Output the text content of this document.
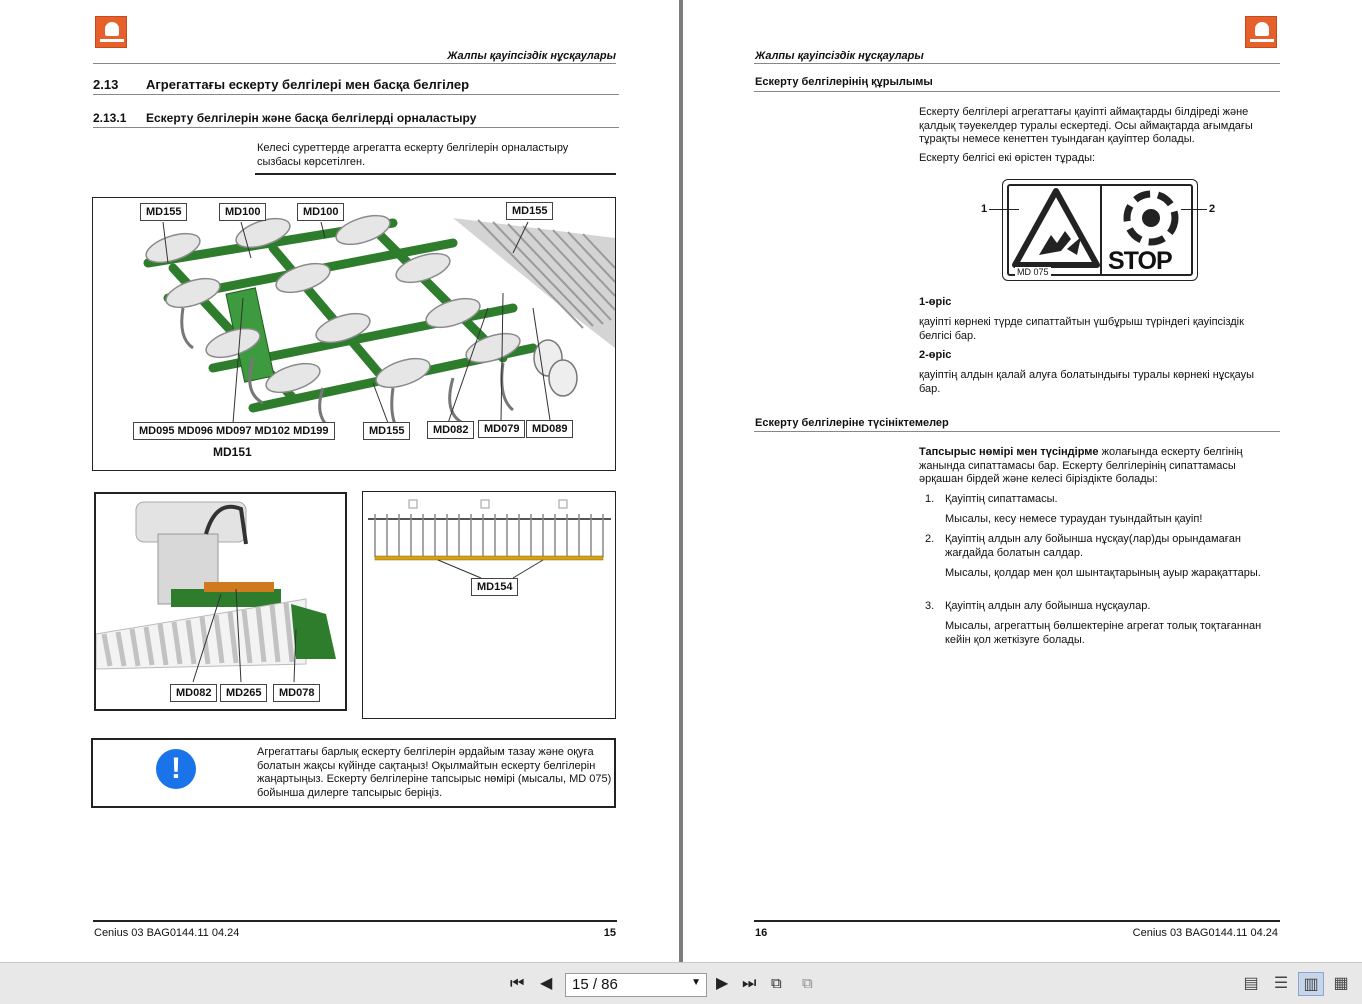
Жалпы қауіпсіздік нұсқаулары
2.13 Агрегаттағы ескерту белгілері мен басқа белгілер
2.13.1 Ескерту белгілерін және басқа белгілерді орналастыру
Келесі суреттерде агрегатта ескерту белгілерін орналастыру сызбасы көрсетілген.
MD155	MD100	MD100	MD155
MD095 MD096 MD097 MD102 MD199
MD151
MD155	MD082	MD079	MD089
MD082	MD265	MD078
MD154
!	Агрегаттағы барлық ескерту белгілерін әрдайым тазау және оқуға болатын жақсы күйінде сақтаңыз! Оқылмайтын ескерту белгілерін жаңартыңыз. Ескерту белгілеріне тапсырыс нөмірі (мысалы, MD 075) бойынша дилерге тапсырыс беріңіз.
Cenius 03 BAG0144.11 04.24	15
Жалпы қауіпсіздік нұсқаулары
Ескерту белгілерінің құрылымы
Ескерту белгілері агрегаттағы қауіпті аймақтарды білдіреді және қалдық тәуекелдер туралы ескертеді. Осы аймақтарда ағымдағы тұрақты немесе кенеттен туындаған қауіптер болады.
Ескерту белгісі екі өрістен тұрады:
STOP
MD 075
1	2
1-өріс
қауіпті көрнекі түрде сипаттайтын үшбұрыш түріндегі қауіпсіздік белгісі бар.
2-өріс
қауіптің алдын қалай алуға болатындығы туралы көрнекі нұсқауы бар.
Ескерту белгілеріне түсініктемелер
Тапсырыс нөмірі мен түсіндірме жолағында ескерту белгінің жанында сипаттамасы бар. Ескерту белгілерінің сипаттамасы әрқашан бірдей және келесі біріздікте болады:
1. Қауіптің сипаттамасы.
Мысалы, кесу немесе тураудан туындайтын қауіп!
2. Қауіптің алдын алу бойынша нұсқау(лар)ды орындамаған жағдайда болатын салдар.
Мысалы, қолдар мен қол шынтақтарының ауыр жарақаттары.
3. Қауіптің алдын алу бойынша нұсқаулар.
Мысалы, агрегаттың бөлшектеріне агрегат толық тоқтағаннан кейін қол жеткізуге болады.
16	Cenius 03 BAG0144.11 04.24
⏮ ◀	15 / 86	▼ ▶ ⏭ ⧉ ⧉	▤ ☰ ▥ ▦
